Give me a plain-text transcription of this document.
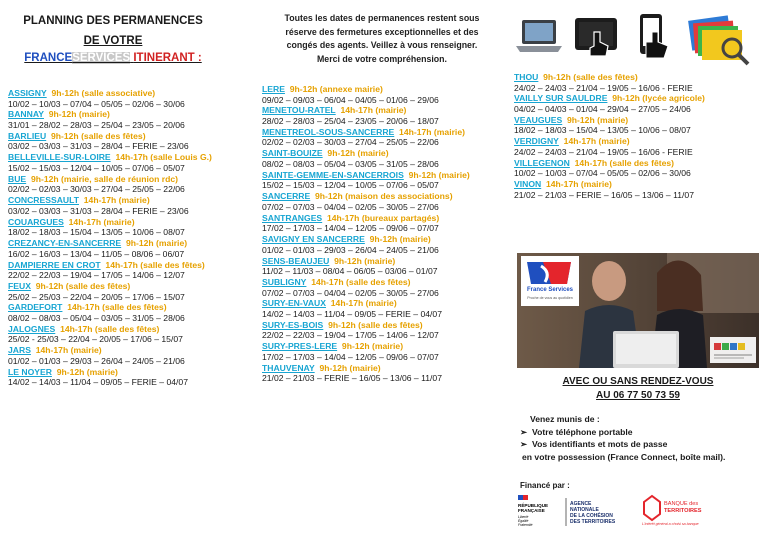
PLANNING DES PERMANENCES
DE VOTRE
FRANCESERVICES ITINERANT :
ASSIGNY 9h-12h (salle associative)
10/02 – 10/03 – 07/04 – 05/05 – 02/06 – 30/06
BANNAY 9h-12h (mairie)
31/01 – 28/02 – 28/03 – 25/04 – 23/05 – 20/06
BARLIEU 9h-12h (salle des fêtes)
03/02 – 03/03 – 31/03 – 28/04 – FERIE – 23/06
BELLEVILLE-SUR-LOIRE 14h-17h (salle Louis G.)
15/02 – 15/03 – 12/04 – 10/05 – 07/06 – 05/07
BUE 9h-12h (mairie, salle de réunion rdc)
02/02 – 02/03 – 30/03 – 27/04 – 25/05 – 22/06
CONCRESSAULT 14h-17h (mairie)
03/02 – 03/03 – 31/03 – 28/04 – FERIE – 23/06
COUARGUES 14h-17h (mairie)
18/02 – 18/03 – 15/04 – 13/05 – 10/06 – 08/07
CREZANCY-EN-SANCERRE 9h-12h (mairie)
16/02 – 16/03 – 13/04 – 11/05 – 08/06 – 06/07
DAMPIERRE EN CROT 14h-17h (salle des fêtes)
22/02 – 22/03 – 19/04 – 17/05 – 14/06 – 12/07
FEUX 9h-12h (salle des fêtes)
25/02 – 25/03 – 22/04 – 20/05 – 17/06 – 15/07
GARDEFORT 14h-17h (salle des fêtes)
08/02 – 08/03 – 05/04 – 03/05 – 31/05 – 28/06
JALOGNES 14h-17h (salle des fêtes)
25/02 - 25/03 – 22/04 – 20/05 – 17/06 – 15/07
JARS 14h-17h (mairie)
01/02 – 01/03 – 29/03 – 26/04 – 24/05 – 21/06
LE NOYER 9h-12h (mairie)
14/02 – 14/03 – 11/04 – 09/05 – FERIE – 04/07
Toutes les dates de permanences restent sous
réserve des fermetures exceptionnelles et des
congés des agents. Veillez à vous renseigner.
Merci de votre compréhension.
LERE 9h-12h (annexe mairie)
09/02 – 09/03 – 06/04 – 04/05 – 01/06 – 29/06
MENETOU-RATEL 14h-17h (mairie)
28/02 – 28/03 – 25/04 – 23/05 – 20/06 – 18/07
MENETREOL-SOUS-SANCERRE 14h-17h (mairie)
02/02 – 02/03 – 30/03 – 27/04 – 25/05 – 22/06
SAINT-BOUIZE 9h-12h (mairie)
08/02 – 08/03 – 05/04 – 03/05 – 31/05 – 28/06
SAINTE-GEMME-EN-SANCERROIS 9h-12h (mairie)
15/02 – 15/03 – 12/04 – 10/05 – 07/06 – 05/07
SANCERRE 9h-12h (maison des associations)
07/02 – 07/03 – 04/04 – 02/05 – 30/05 – 27/06
SANTRANGES 14h-17h (bureaux partagés)
17/02 – 17/03 – 14/04 – 12/05 – 09/06 – 07/07
SAVIGNY EN SANCERRE 9h-12h (mairie)
01/02 – 01/03 – 29/03 – 26/04 – 24/05 – 21/06
SENS-BEAUJEU 9h-12h (mairie)
11/02 – 11/03 – 08/04 – 06/05 – 03/06 – 01/07
SUBLIGNY 14h-17h (salle des fêtes)
07/02 – 07/03 – 04/04 – 02/05 – 30/05 – 27/06
SURY-EN-VAUX 14h-17h (mairie)
14/02 – 14/03 – 11/04 – 09/05 – FERIE – 04/07
SURY-ES-BOIS 9h-12h (salle des fêtes)
22/02 – 22/03 – 19/04 – 17/05 – 14/06 – 12/07
SURY-PRES-LERE 9h-12h (mairie)
17/02 – 17/03 – 14/04 – 12/05 – 09/06 – 07/07
THAUVENAY 9h-12h (mairie)
21/02 – 21/03 – FERIE – 16/05 – 13/06 – 11/07
THOU 9h-12h (salle des fêtes)
24/02 – 24/03 – 21/04 – 19/05 – 16/06 - FERIE
VAILLY SUR SAULDRE 9h-12h (lycée agricole)
04/02 – 04/03 – 01/04 – 29/04 – 27/05 – 24/06
VEAUGUES 9h-12h (mairie)
18/02 – 18/03 – 15/04 – 13/05 – 10/06 – 08/07
VERDIGNY 14h-17h (mairie)
24/02 – 24/03 – 21/04 – 19/05 – 16/06 - FERIE
VILLEGENON 14h-17h (salle des fêtes)
10/02 – 10/03 – 07/04 – 05/05 – 02/06 – 30/06
VINON 14h-17h (mairie)
21/02 – 21/03 – FERIE – 16/05 – 13/06 – 11/07
France Services
Proche de vous au quotidien
AVEC OU SANS RENDEZ-VOUS
AU 06 77 50 73 59
Venez munis de :
➢  Votre téléphone portable
➢  Vos identifiants et mots de passe
en votre possession (France Connect, boîte mail).
Financé par :
RÉPUBLIQUE
FRANÇAISE
Liberté
Égalité
Fraternité
AGENCE
NATIONALE
DE LA COHÉSION
DES TERRITOIRES
BANQUE des
TERRITOIRES
L'intérêt général a choisi sa banque
